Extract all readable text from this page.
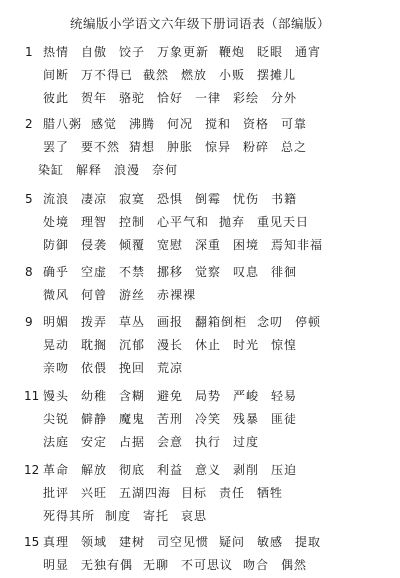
统编版小学语文六年级下册词语表（部编版）
1 热情 自傲 饺子 万象更新 鞭炮 眨眼 通宵
间断 万不得已 截然 燃放 小贩 摆摊儿
彼此 贺年 骆驼 恰好 一律 彩绘 分外
2 腊八粥 感觉 沸腾 何况 搅和 资格 可靠
罢了 要不然 猜想 肿胀 惊异 粉碎 总之
染缸 解释 浪漫 奈何
5 流浪 凄凉 寂寞 恐惧 倒霉 忧伤 书籍
处境 理智 控制 心平气和 抛弃 重见天日
防御 侵袭 倾覆 宽慰 深重 困境 焉知非福
8 确乎 空虚 不禁 挪移 觉察 叹息 徘徊
微风 何曾 游丝 赤裸裸
9 明媚 拨弄 草丛 画报 翻箱倒柜 念叨 停顿
晃动 耽搁 沉郁 漫长 休止 时光 惊惶
亲吻 依偎 挽回 荒凉
11 馒头 幼稚 含糊 避免 局势 严峻 轻易
尖锐 僻静 魔鬼 苦刑 冷笑 残暴 匪徒
法庭 安定 占据 会意 执行 过度
12 革命 解放 彻底 利益 意义 剥削 压迫
批评 兴旺 五湖四海 目标 责任 牺牲
死得其所 制度 寄托 哀思
15 真理 领域 建树 司空见惯 疑问 敏感 提取
明显 无独有偶 无聊 不可思议 吻合 偶然
